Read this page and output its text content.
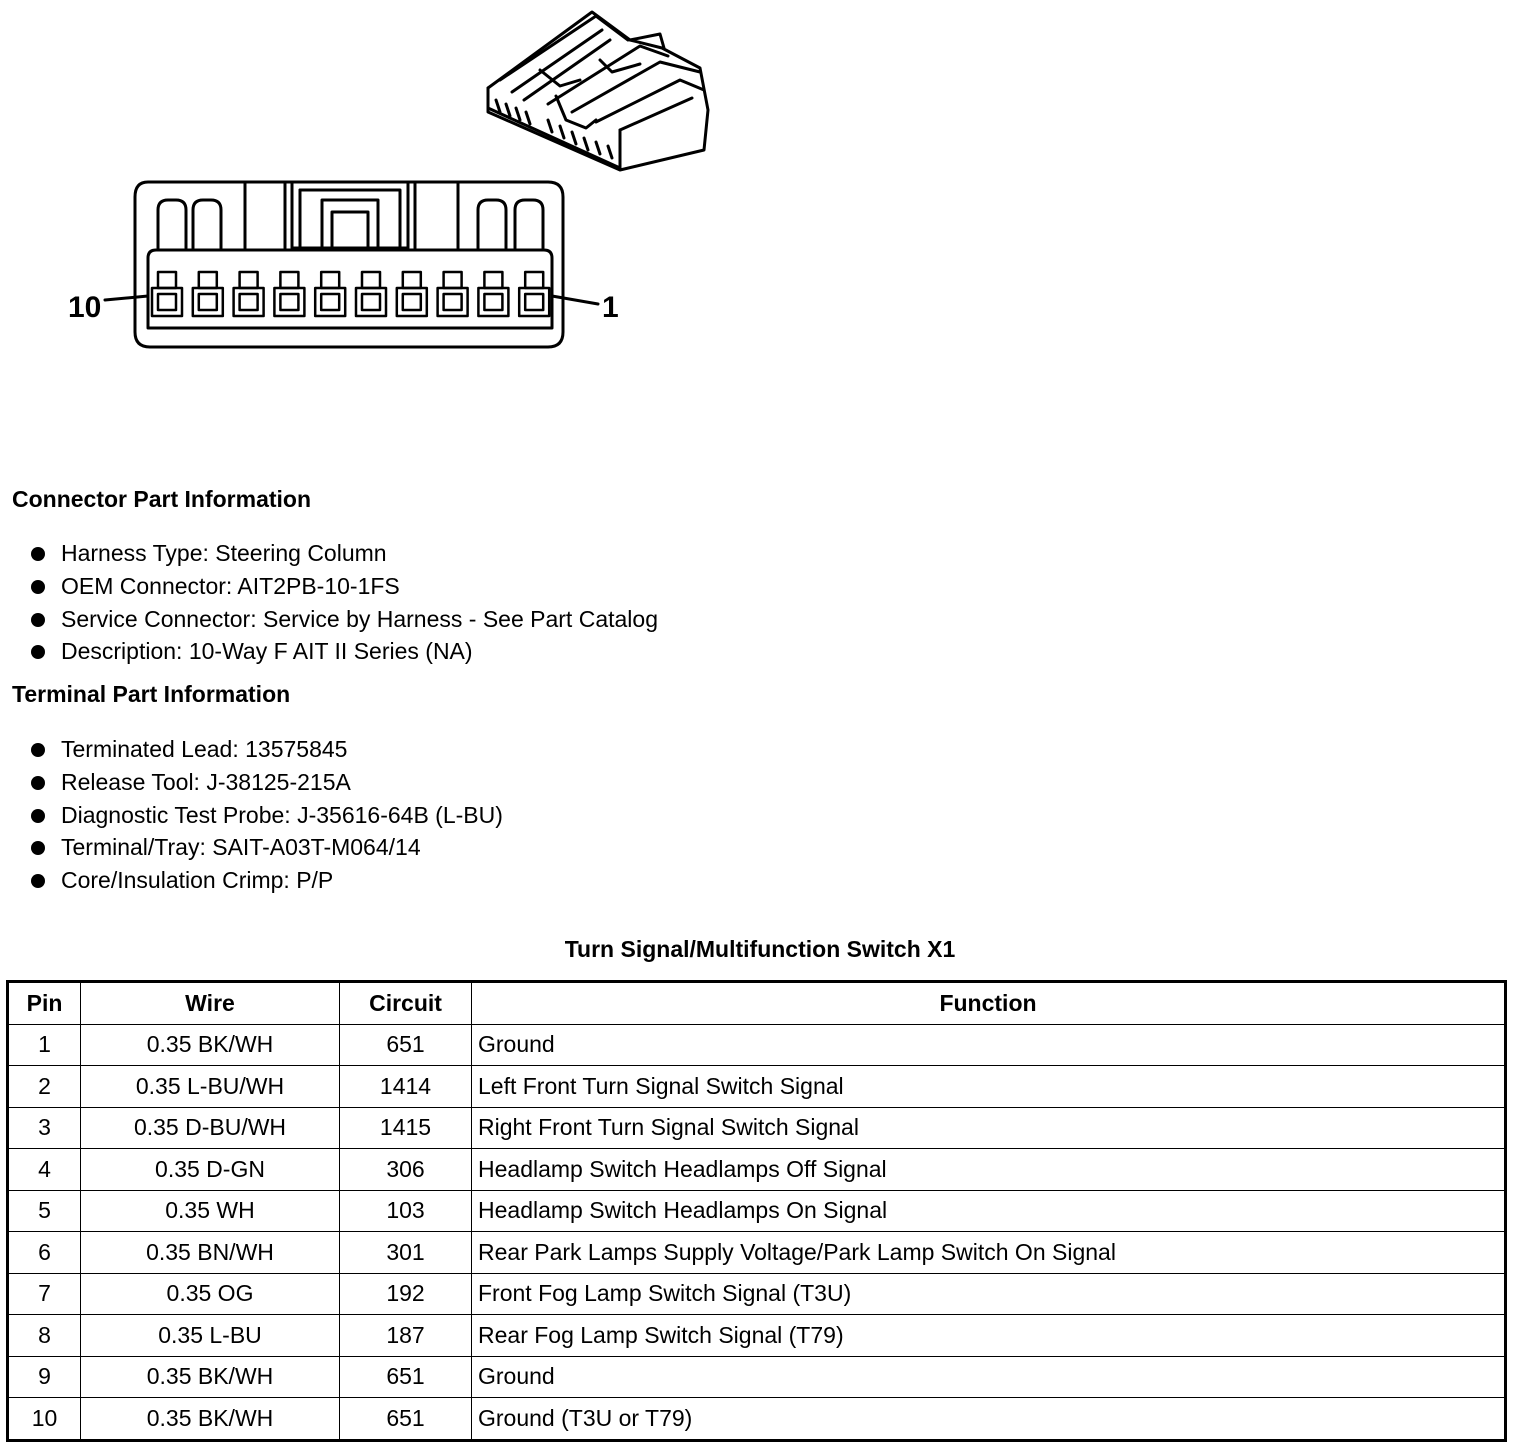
10	1
Connector Part Information
Harness Type: Steering Column
OEM Connector: AIT2PB-10-1FS
Service Connector: Service by Harness - See Part Catalog
Description: 10-Way F AIT II Series (NA)
Terminal Part Information
Terminated Lead: 13575845
Release Tool: J-38125-215A
Diagnostic Test Probe: J-35616-64B (L-BU)
Terminal/Tray: SAIT-A03T-M064/14
Core/Insulation Crimp: P/P
Turn Signal/Multifunction Switch X1
Pin	Wire	Circuit	Function
1	0.35 BK/WH	651	Ground
2	0.35 L-BU/WH	1414	Left Front Turn Signal Switch Signal
3	0.35 D-BU/WH	1415	Right Front Turn Signal Switch Signal
4	0.35 D-GN	306	Headlamp Switch Headlamps Off Signal
5	0.35 WH	103	Headlamp Switch Headlamps On Signal
6	0.35 BN/WH	301	Rear Park Lamps Supply Voltage/Park Lamp Switch On Signal
7	0.35 OG	192	Front Fog Lamp Switch Signal (T3U)
8	0.35 L-BU	187	Rear Fog Lamp Switch Signal (T79)
9	0.35 BK/WH	651	Ground
10	0.35 BK/WH	651	Ground (T3U or T79)
